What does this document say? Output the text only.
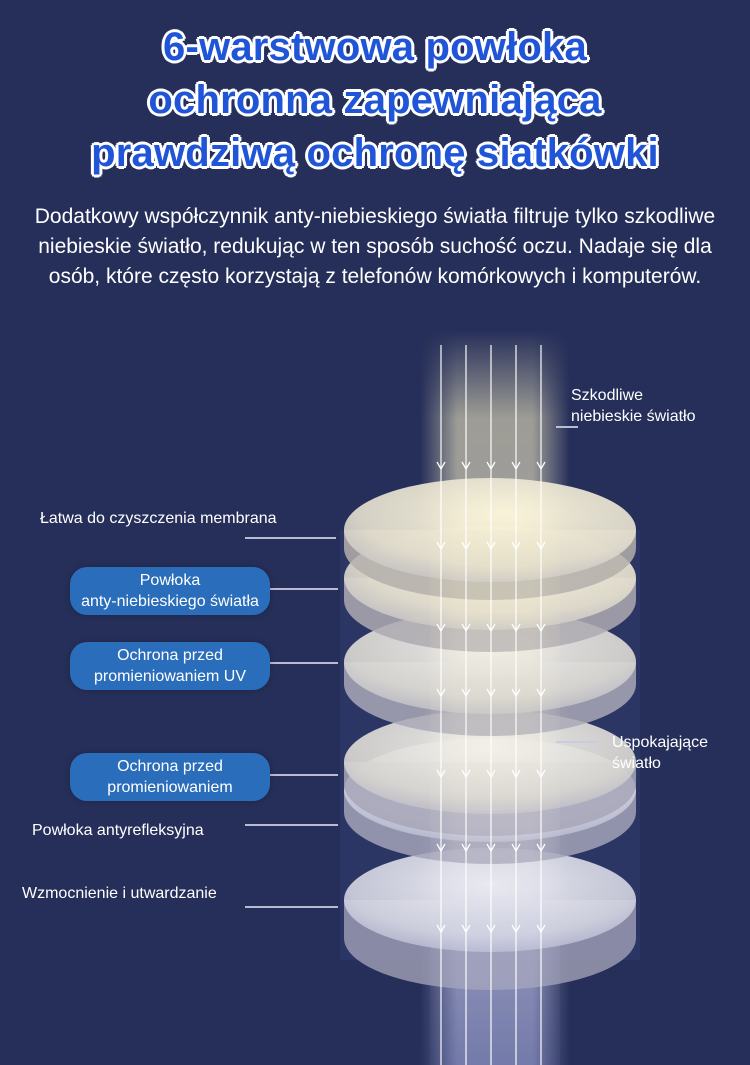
6-warstwowa powłoka
ochronna zapewniająca
prawdziwą ochronę siatkówki
Dodatkowy współczynnik anty-niebieskiego światła filtruje tylko szkodliwe niebieskie światło, redukując w ten sposób suchość oczu. Nadaje się dla osób, które często korzystają z telefonów komórkowych i komputerów.
Szkodliwe
niebieskie światło
Uspokajające
światło
Łatwa do czyszczenia membrana
Powłoka
anty-niebieskiego światła
Ochrona przed
promieniowaniem UV
Ochrona przed
promieniowaniem
Powłoka antyrefleksyjna
Wzmocnienie i utwardzanie
